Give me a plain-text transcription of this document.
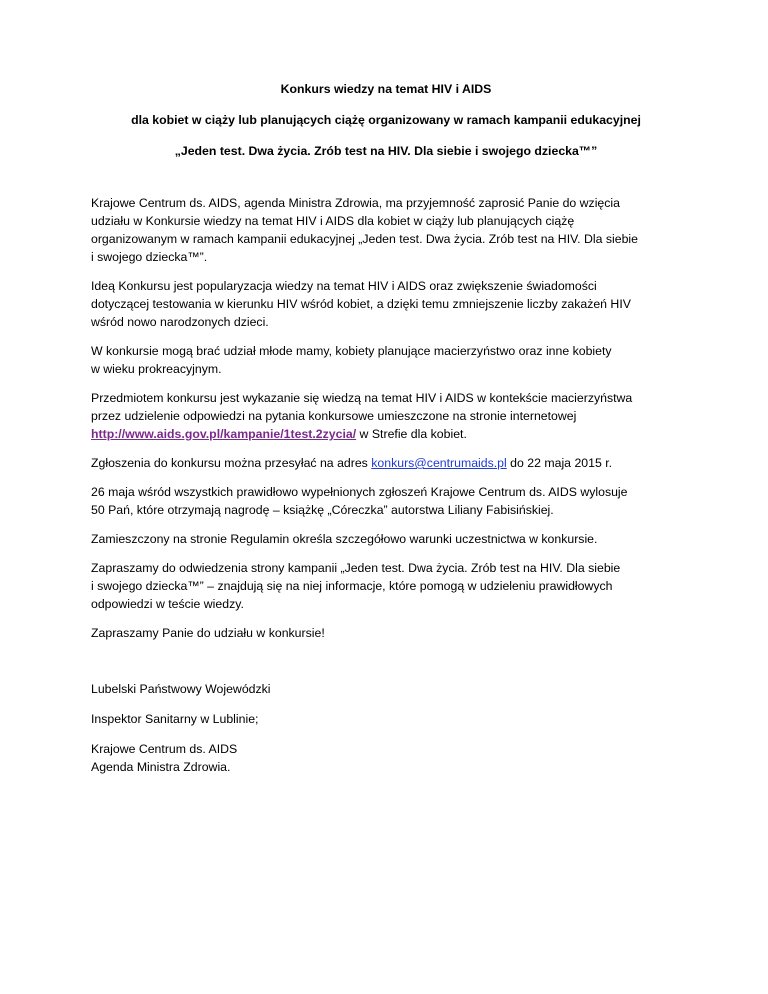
Konkurs wiedzy na temat HIV i AIDS
dla kobiet w ciąży lub planujących ciążę organizowany w ramach kampanii edukacyjnej
„Jeden test. Dwa życia. Zrób test na HIV. Dla siebie i swojego dziecka™”

Krajowe Centrum ds. AIDS, agenda Ministra Zdrowia, ma przyjemność zaprosić Panie do wzięcia
udziału w Konkursie wiedzy na temat HIV i AIDS dla kobiet w ciąży lub planujących ciążę
organizowanym w ramach kampanii edukacyjnej „Jeden test. Dwa życia. Zrób test na HIV. Dla siebie
i swojego dziecka™”.

Ideą Konkursu jest popularyzacja wiedzy na temat HIV i AIDS oraz zwiększenie świadomości
dotyczącej testowania w kierunku HIV wśród kobiet, a dzięki temu zmniejszenie liczby zakażeń HIV
wśród nowo narodzonych dzieci.

W konkursie mogą brać udział młode mamy, kobiety planujące macierzyństwo oraz inne kobiety
w wieku prokreacyjnym.

Przedmiotem konkursu jest wykazanie się wiedzą na temat HIV i AIDS w kontekście macierzyństwa
przez udzielenie odpowiedzi na pytania konkursowe umieszczone na stronie internetowej
http://www.aids.gov.pl/kampanie/1test.2zycia/ w Strefie dla kobiet.

Zgłoszenia do konkursu można przesyłać na adres konkurs@centrumaids.pl do 22 maja 2015 r.

26 maja wśród wszystkich prawidłowo wypełnionych zgłoszeń Krajowe Centrum ds. AIDS wylosuje
50 Pań, które otrzymają nagrodę – książkę „Córeczka” autorstwa Liliany Fabisińskiej.

Zamieszczony na stronie Regulamin określa szczegółowo warunki uczestnictwa w konkursie.

Zapraszamy do odwiedzenia strony kampanii „Jeden test. Dwa życia. Zrób test na HIV. Dla siebie
i swojego dziecka™” – znajdują się na niej informacje, które pomogą w udzieleniu prawidłowych
odpowiedzi w teście wiedzy.

Zapraszamy Panie do udziału w konkursie!

Lubelski Państwowy Wojewódzki

Inspektor Sanitarny w Lublinie;

Krajowe Centrum ds. AIDS
Agenda Ministra Zdrowia.
